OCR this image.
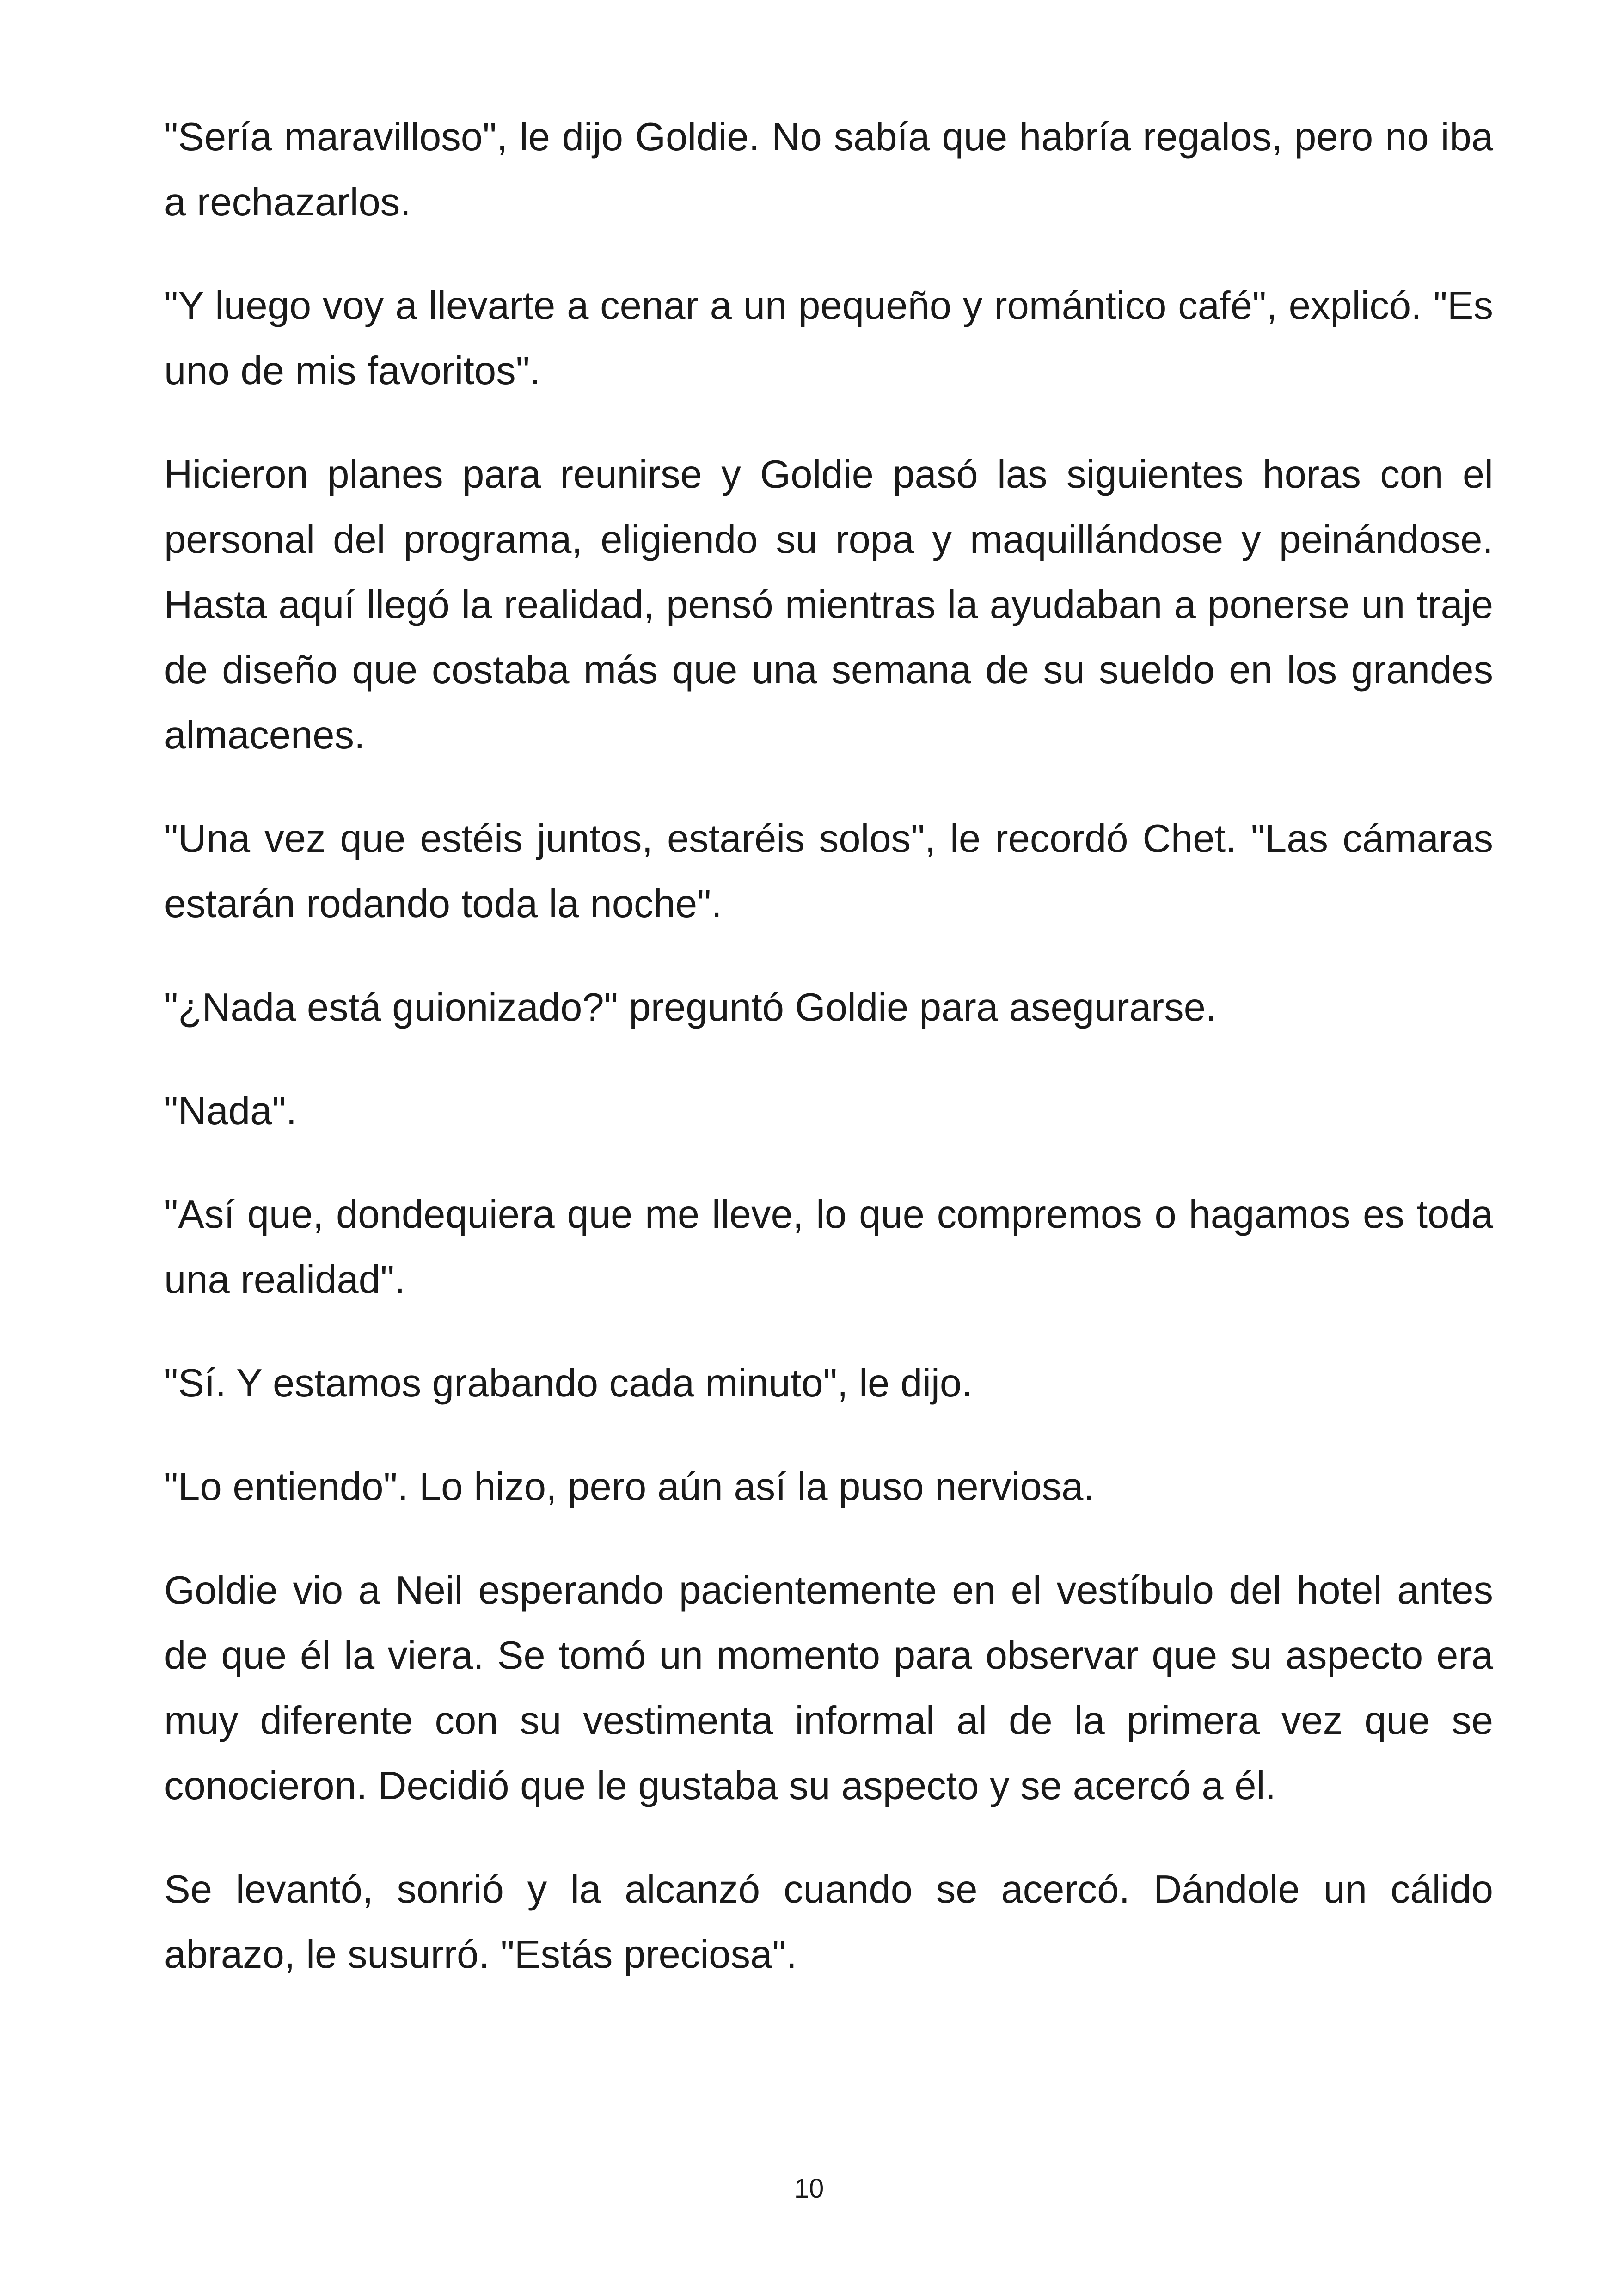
"Sería maravilloso", le dijo Goldie. No sabía que habría regalos, pero no iba a rechazarlos.

"Y luego voy a llevarte a cenar a un pequeño y romántico café", explicó. "Es uno de mis favoritos".

Hicieron planes para reunirse y Goldie pasó las siguientes horas con el personal del programa, eligiendo su ropa y maquillándose y peinándose. Hasta aquí llegó la realidad, pensó mientras la ayudaban a ponerse un traje de diseño que costaba más que una semana de su sueldo en los grandes almacenes.

"Una vez que estéis juntos, estaréis solos", le recordó Chet. "Las cámaras estarán rodando toda la noche".

"¿Nada está guionizado?" preguntó Goldie para asegurarse.

"Nada".

"Así que, dondequiera que me lleve, lo que compremos o hagamos es toda una realidad".

"Sí. Y estamos grabando cada minuto", le dijo.

"Lo entiendo". Lo hizo, pero aún así la puso nerviosa.

Goldie vio a Neil esperando pacientemente en el vestíbulo del hotel antes de que él la viera. Se tomó un momento para observar que su aspecto era muy diferente con su vestimenta informal al de la primera vez que se conocieron. Decidió que le gustaba su aspecto y se acercó a él.

Se levantó, sonrió y la alcanzó cuando se acercó. Dándole un cálido abrazo, le susurró. "Estás preciosa".

10
